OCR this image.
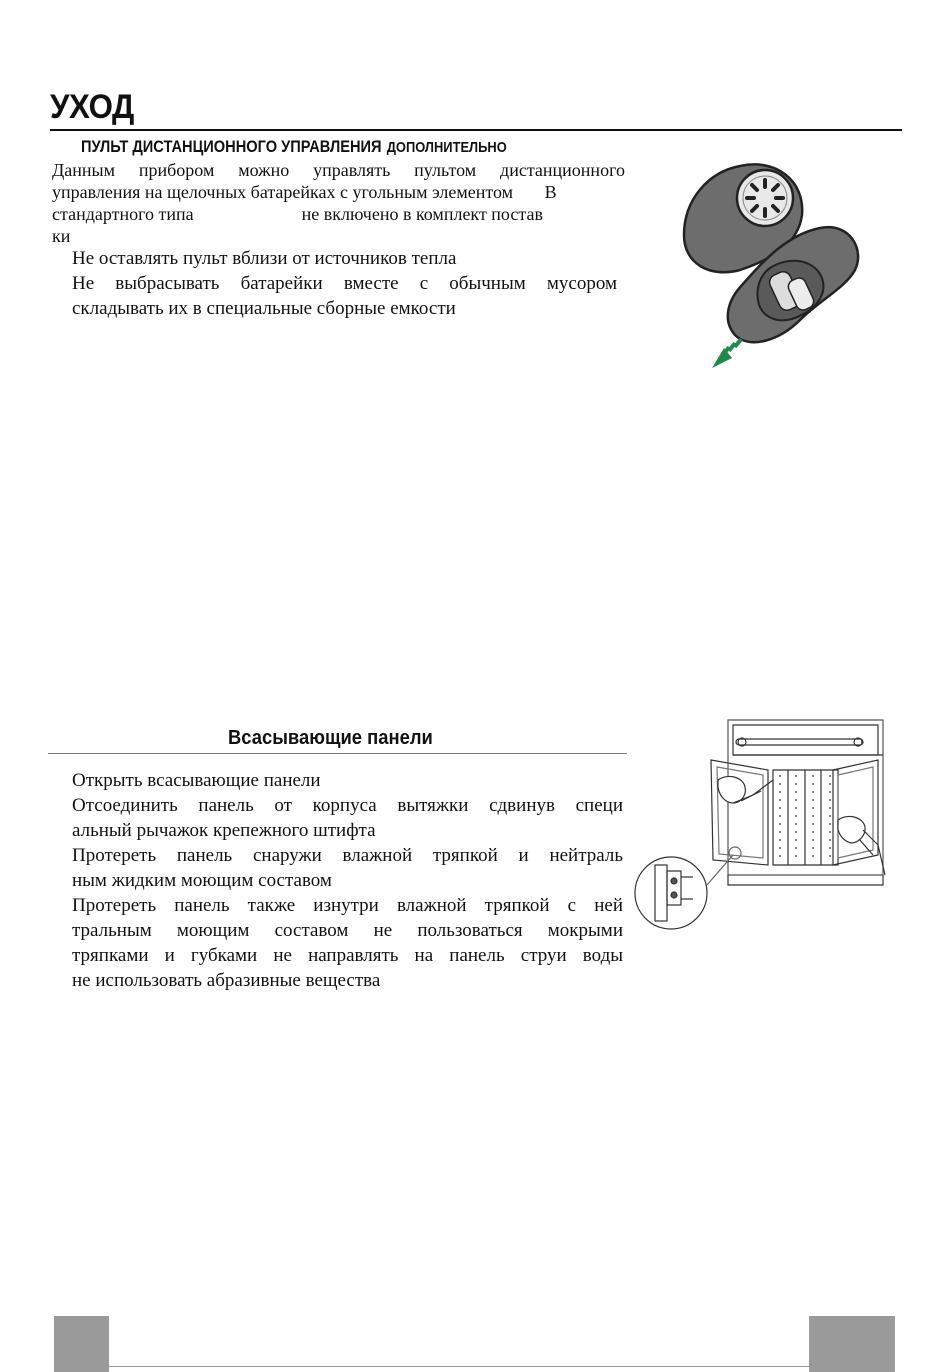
УХОД
ПУЛЬТ ДИСТАНЦИОННОГО УПРАВЛЕНИЯ ДОПОЛНИТЕЛЬНО
Данным прибором можно управлять пультом дистанционного
управления на щелочных батарейках с угольным элементом       В
стандартного типа                        не включено в комплект постав
ки
Не оставлять пульт вблизи от источников тепла
Не выбрасывать батарейки вместе с обычным мусором
складывать их в специальные сборные емкости
Всасывающие панели
Открыть всасывающие панели
Отсоединить панель от корпуса вытяжки сдвинув специ
альный рычажок крепежного штифта
Протереть панель снаружи влажной тряпкой и нейтраль
ным жидким моющим составом
Протереть панель также изнутри влажной тряпкой с ней
тральным моющим составом не пользоваться мокрыми
тряпками и губками не направлять на панель струи воды
не использовать абразивные вещества
